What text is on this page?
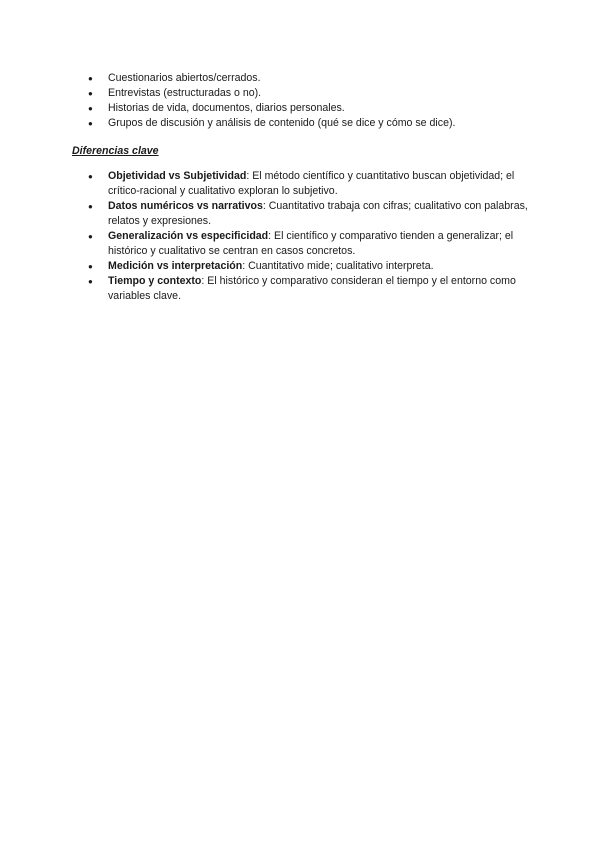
● Cuestionarios abiertos/cerrados.
● Entrevistas (estructuradas o no).
● Historias de vida, documentos, diarios personales.
● Grupos de discusión y análisis de contenido (qué se dice y cómo se dice).
Diferencias clave
● Objetividad vs Subjetividad: El método científico y cuantitativo buscan objetividad; el crítico-racional y cualitativo exploran lo subjetivo.
● Datos numéricos vs narrativos: Cuantitativo trabaja con cifras; cualitativo con palabras, relatos y expresiones.
● Generalización vs especificidad: El científico y comparativo tienden a generalizar; el histórico y cualitativo se centran en casos concretos.
● Medición vs interpretación: Cuantitativo mide; cualitativo interpreta.
● Tiempo y contexto: El histórico y comparativo consideran el tiempo y el entorno como variables clave.
